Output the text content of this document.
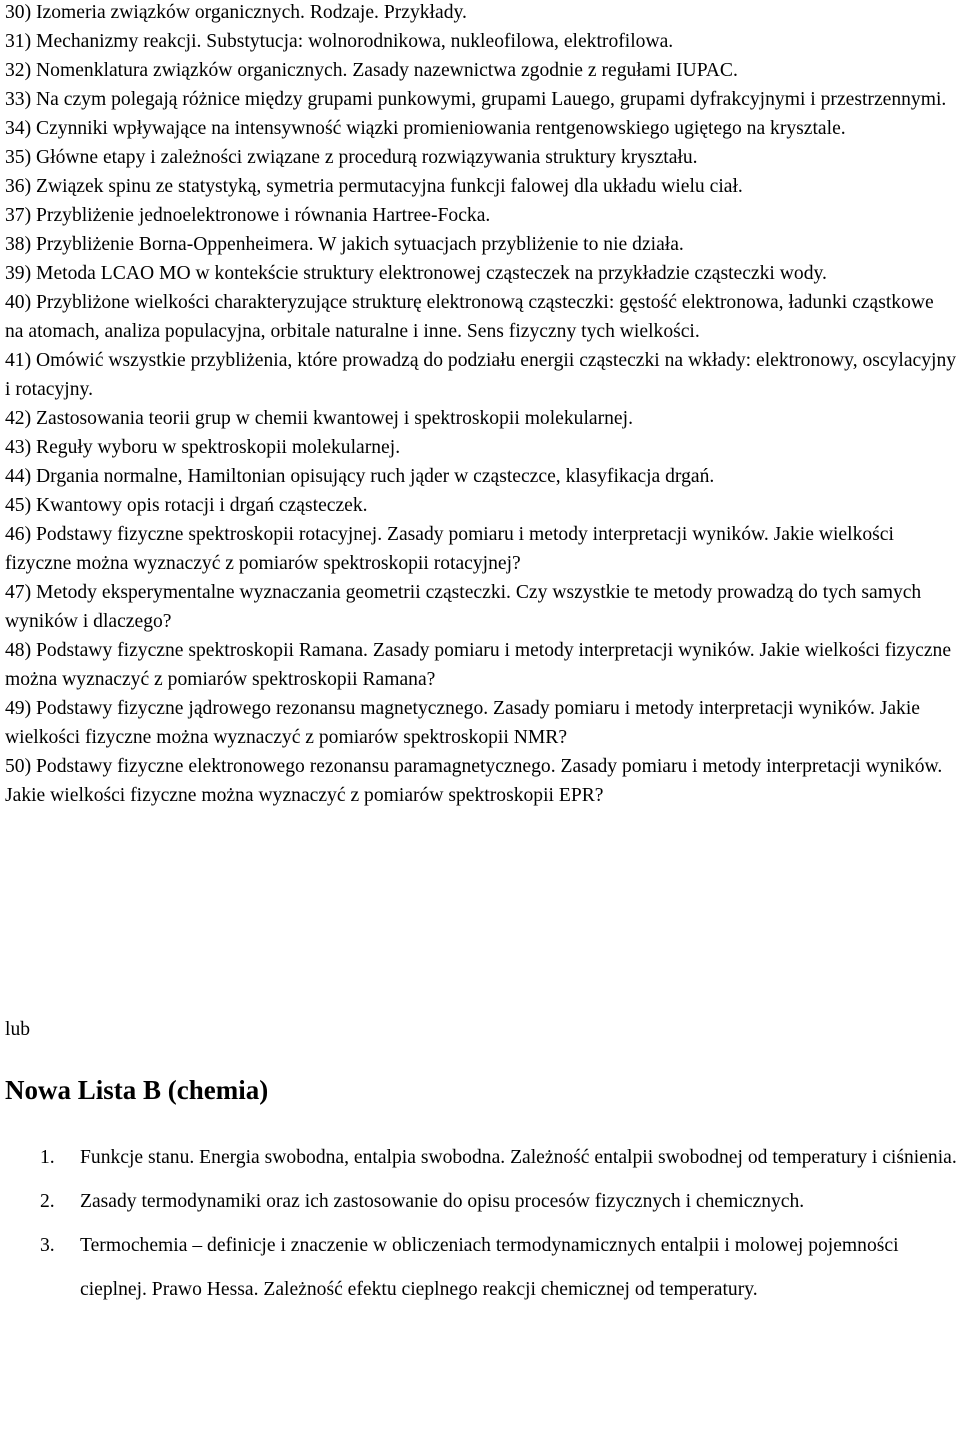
30) Izomeria związków organicznych. Rodzaje. Przykłady.

31) Mechanizmy reakcji. Substytucja: wolnorodnikowa, nukleofilowa, elektrofilowa.

32) Nomenklatura związków organicznych. Zasady nazewnictwa zgodnie z regułami IUPAC.

33) Na czym polegają różnice między grupami punkowymi, grupami Lauego, grupami dyfrakcyjnymi i przestrzennymi.

34) Czynniki wpływające na intensywność wiązki promieniowania rentgenowskiego ugiętego na krysztale.

35) Główne etapy i zależności związane z procedurą rozwiązywania struktury kryształu.

36) Związek spinu ze statystyką, symetria permutacyjna funkcji falowej dla układu wielu ciał.

37) Przybliżenie jednoelektronowe i równania Hartree-Focka.

38) Przybliżenie Borna-Oppenheimera. W jakich sytuacjach przybliżenie to nie działa.

39) Metoda LCAO MO w kontekście struktury elektronowej cząsteczek na przykładzie cząsteczki wody.

40) Przybliżone wielkości charakteryzujące strukturę elektronową cząsteczki: gęstość elektronowa, ładunki cząstkowe na atomach, analiza populacyjna, orbitale naturalne i inne. Sens fizyczny tych wielkości.

41) Omówić wszystkie przybliżenia, które prowadzą do podziału energii cząsteczki na wkłady: elektronowy, oscylacyjny i rotacyjny.

42) Zastosowania teorii grup w chemii kwantowej i spektroskopii molekularnej.

43) Reguły wyboru w spektroskopii molekularnej.

44) Drgania normalne, Hamiltonian opisujący ruch jąder w cząsteczce, klasyfikacja drgań.

45) Kwantowy opis rotacji i drgań cząsteczek.

46) Podstawy fizyczne spektroskopii rotacyjnej. Zasady pomiaru i metody interpretacji wyników. Jakie wielkości fizyczne można wyznaczyć z pomiarów spektroskopii rotacyjnej?

47) Metody eksperymentalne wyznaczania geometrii cząsteczki. Czy wszystkie te metody prowadzą do tych samych wyników i dlaczego?

48) Podstawy fizyczne spektroskopii Ramana. Zasady pomiaru i metody interpretacji wyników. Jakie wielkości fizyczne można wyznaczyć z pomiarów spektroskopii Ramana?

49) Podstawy fizyczne jądrowego rezonansu magnetycznego. Zasady pomiaru i metody interpretacji wyników. Jakie wielkości fizyczne można wyznaczyć z pomiarów spektroskopii NMR?

50) Podstawy fizyczne elektronowego rezonansu paramagnetycznego. Zasady pomiaru i metody interpretacji wyników. Jakie wielkości fizyczne można wyznaczyć z pomiarów spektroskopii EPR?

lub

Nowa Lista B (chemia)
1. Funkcje stanu. Energia swobodna, entalpia swobodna. Zależność entalpii swobodnej od temperatury i ciśnienia.
2. Zasady termodynamiki oraz ich zastosowanie do opisu procesów fizycznych i chemicznych.
3. Termochemia – definicje i znaczenie w obliczeniach termodynamicznych entalpii i molowej pojemności cieplnej. Prawo Hessa. Zależność efektu cieplnego reakcji chemicznej od temperatury.
